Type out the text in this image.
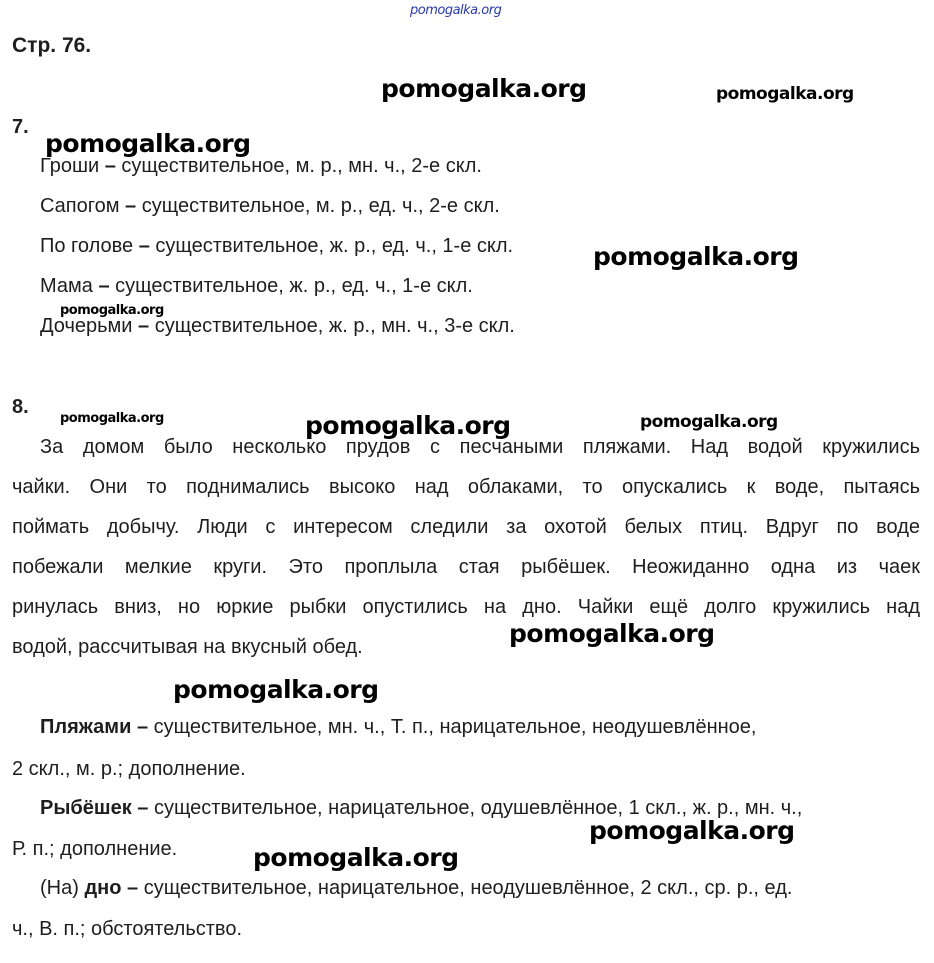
pomogalka.org
Стр. 76.
7.
Гроши – существительное, м. р., мн. ч., 2-е скл.
Сапогом – существительное, м. р., ед. ч., 2-е скл.
По голове – существительное, ж. р., ед. ч., 1-е скл.
Мама – существительное, ж. р., ед. ч., 1-е скл.
Дочерьми – существительное, ж. р., мн. ч., 3-е скл.
8.
За домом было несколько прудов с песчаными пляжами. Над водой кружились
чайки. Они то поднимались высоко над облаками, то опускались к воде, пытаясь
поймать добычу. Люди с интересом следили за охотой белых птиц. Вдруг по воде
побежали мелкие круги. Это проплыла стая рыбёшек. Неожиданно одна из чаек
ринулась вниз, но юркие рыбки опустились на дно. Чайки ещё долго кружились над
водой, рассчитывая на вкусный обед.
Пляжами – существительное, мн. ч., Т. п., нарицательное, неодушевлённое,
2 скл., м. р.; дополнение.
Рыбёшек – существительное, нарицательное, одушевлённое, 1 скл., ж. р., мн. ч.,
Р. п.; дополнение.
(На) дно – существительное, нарицательное, неодушевлённое, 2 скл., ср. р., ед.
ч., В. п.; обстоятельство.
pomogalka.org	pomogalka.org
pomogalka.org
pomogalka.org
pomogalka.org
pomogalka.org	pomogalka.org	pomogalka.org
pomogalka.org
pomogalka.org
pomogalka.org
pomogalka.org
